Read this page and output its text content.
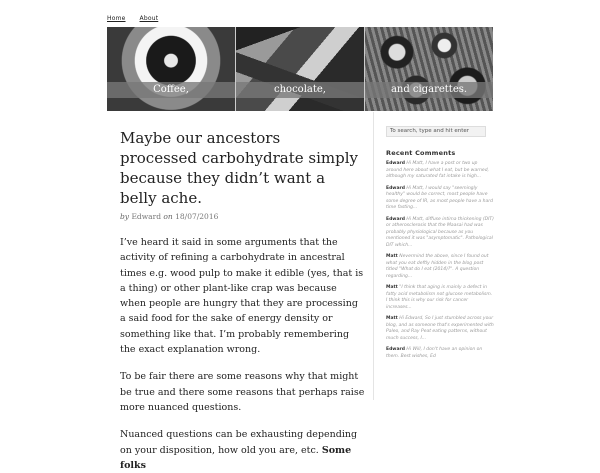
Home About
Coffee,	chocolate,	and cigarettes.
Maybe our ancestors processed carbohydrate simply because they didn’t want a belly ache.
by Edward on 18/07/2016

I’ve heard it said in some arguments that the activity of refining a carbohydrate in ancestral times e.g. wood pulp to make it edible (yes, that is a thing) or other plant-like crap was because when people are hungry that they are processing a said food for the sake of energy density or something like that. I’m probably remembering the exact explanation wrong.

To be fair there are some reasons why that might be true and there some reasons that perhaps raise more nuanced questions.

Nuanced questions can be exhausting depending on your disposition, how old you are, etc. Some folks

To search, type and hit enter
Recent Comments
Edward Hi Matt, I have a post or two up around here about what I eat, but be warned, although my saturated fat intake is high...
Edward Hi Matt, I would say "seemingly healthy" would be correct, most people have some degree of IR, as most people have a hard time fasting...
Edward Hi Matt, diffuse intima thickening (DIT) or atherosclerosis that the Maasai had was probably physiological because as you mentioned it was "asymptomatic". Pathological DIT which...
Matt Nevermind the above, since I found out what you eat deftly hidden in the blog post titled "What do I eat (2014)?". A question regarding...
Matt "I think that aging is mainly a defect in fatty acid metabolism not glucose metabolism. I think this is why our risk for cancer increases...
Matt Hi Edward, So I just stumbled across your blog, and as someone that's experimented with Paleo, and Ray Peat eating patterns, without much success, I...
Edward Hi Will, I don't have an opinion on them. Best wishes, Ed
